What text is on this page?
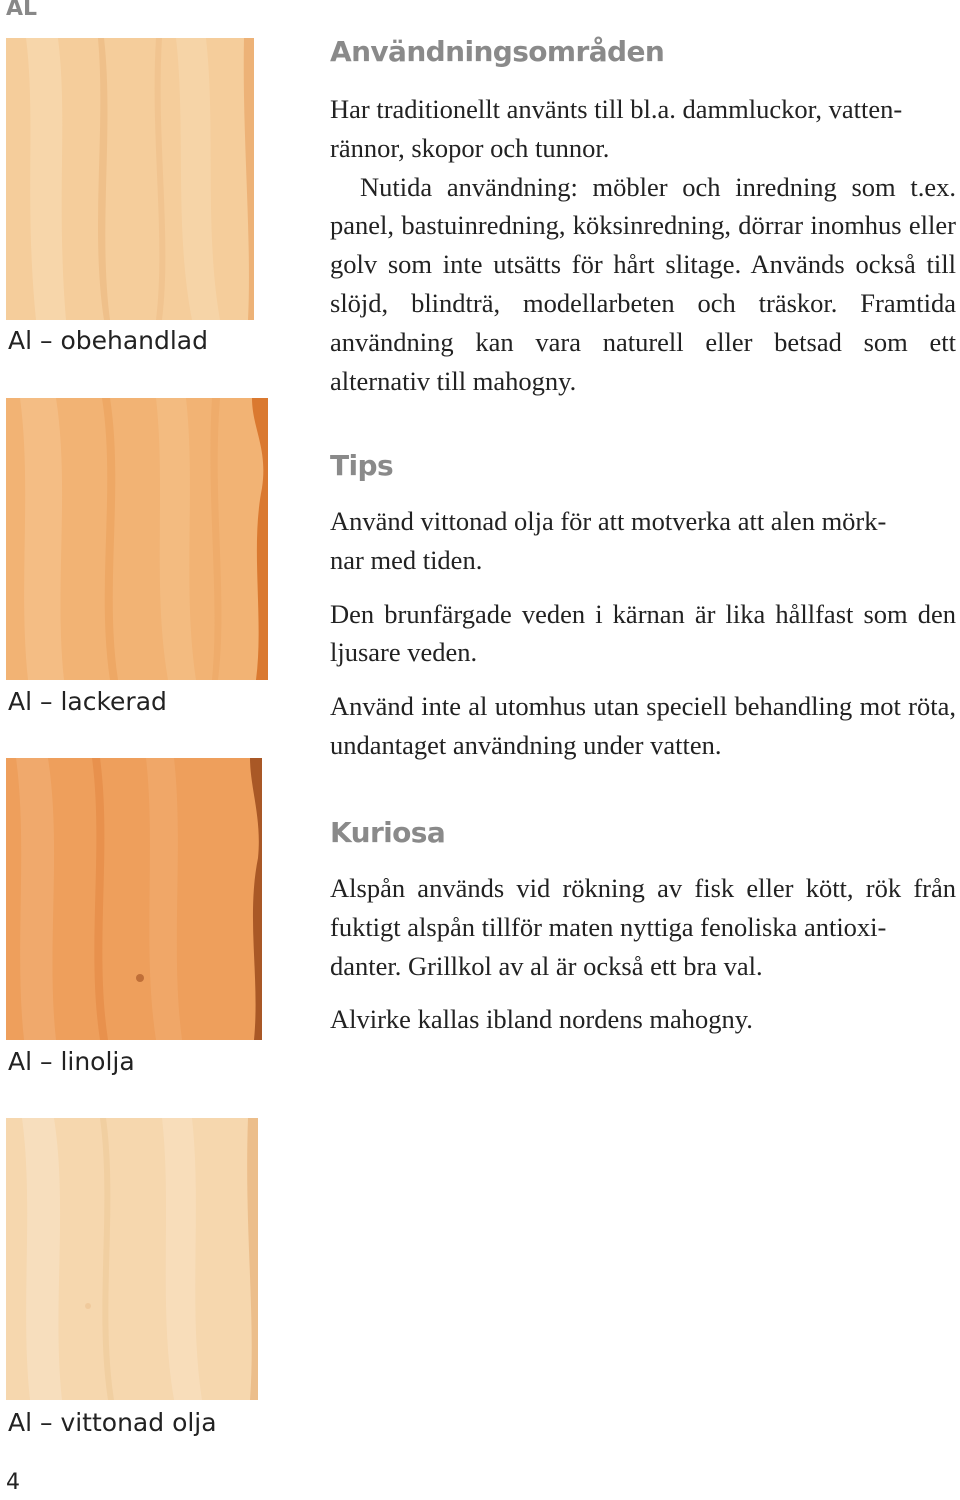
AL
Al – obehandlad
Al – lackerad
Al – linolja
Al – vittonad olja
4
Användningsområden

Har traditionellt använts till bl.a. dammluckor, vatten-
rännor, skopor och tunnor.

Nutida användning: möbler och inredning som t.ex. panel, bastuinredning, köksinredning, dörrar inomhus eller golv som inte utsätts för hårt slitage. Används också till slöjd, blindträ, modellarbeten och träskor. Framtida användning kan vara naturell eller betsad som ett alternativ till mahogny.

Tips

Använd vittonad olja för att motverka att alen mörk-
nar med tiden.

Den brunfärgade veden i kärnan är lika hållfast som den ljusare veden.

Använd inte al utomhus utan speciell behandling mot röta, undantaget användning under vatten.

Kuriosa

Alspån används vid rökning av fisk eller kött, rök från fuktigt alspån tillför maten nyttiga fenoliska antioxi-
danter. Grillkol av al är också ett bra val.

Alvirke kallas ibland nordens mahogny.
